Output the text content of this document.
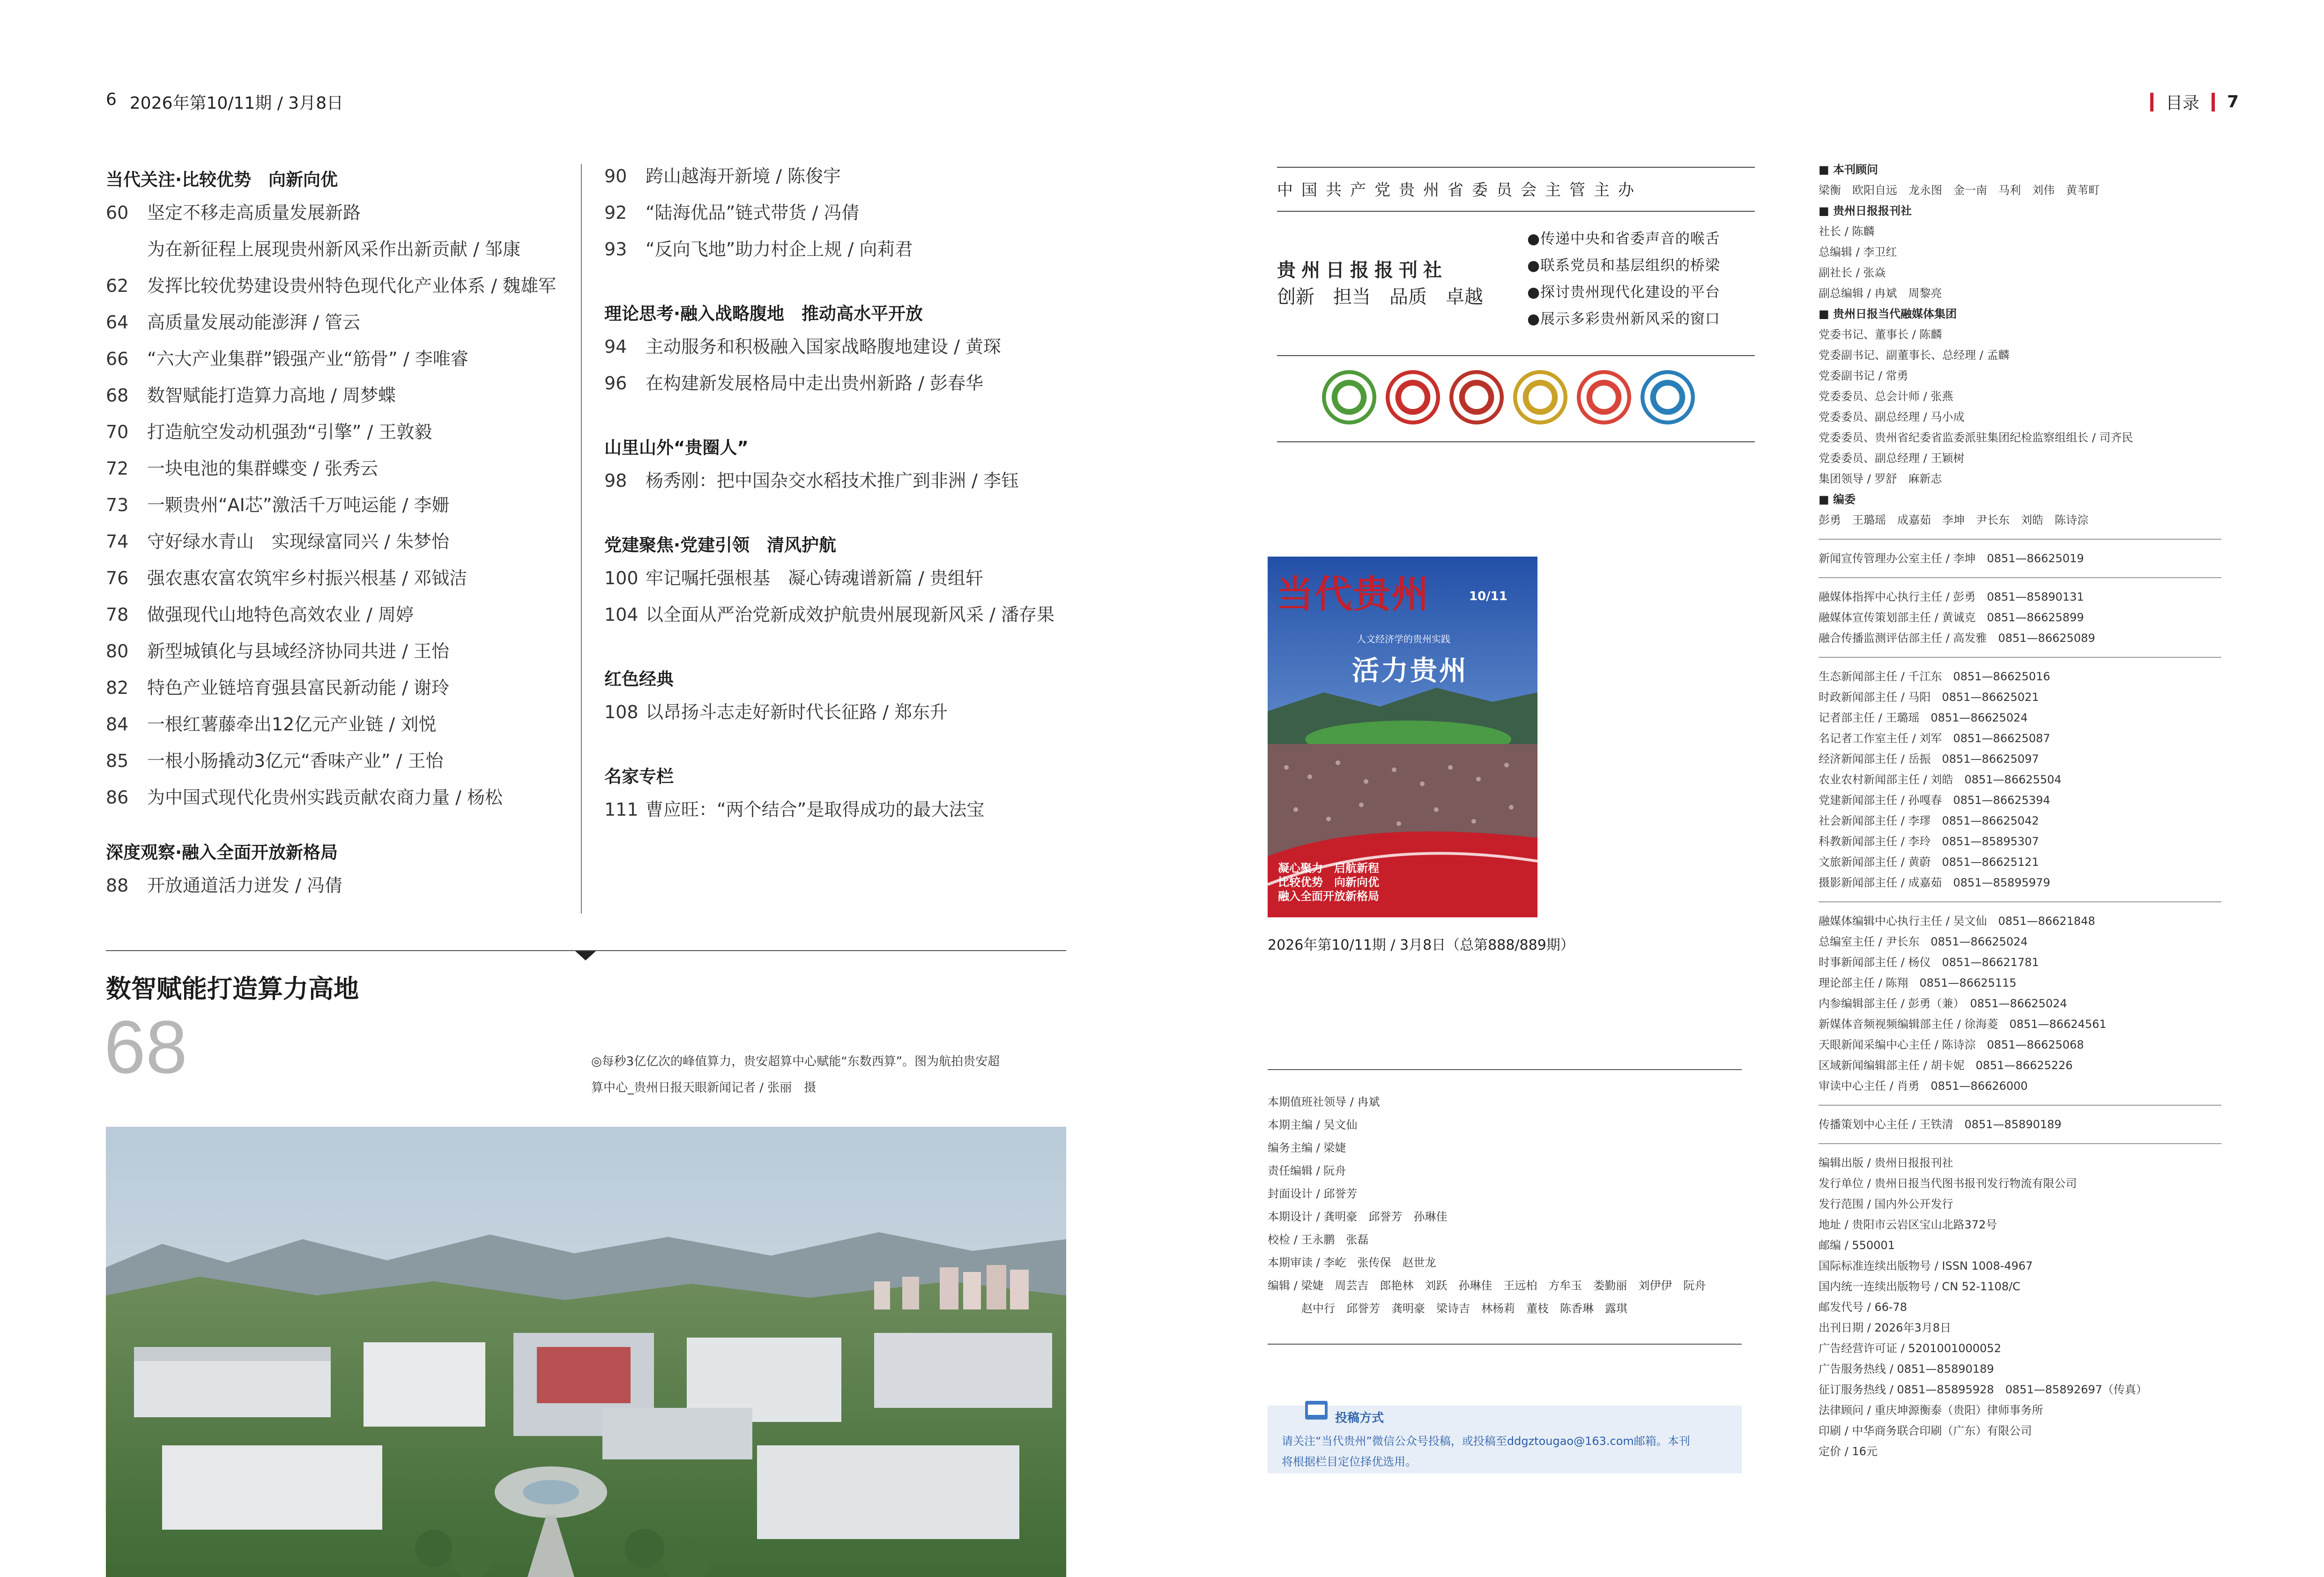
6 2026年第10/11期 / 3月8日	目录 7
当代关注·比较优势　向新向优
60	坚定不移走高质量发展新路
为在新征程上展现贵州新风采作出新贡献 / 邹康
62	发挥比较优势建设贵州特色现代化产业体系 / 魏雄军
64	高质量发展动能澎湃 / 管云
66	“六大产业集群”锻强产业“筋骨” / 李唯睿
68	数智赋能打造算力高地 / 周梦蝶
70	打造航空发动机强劲“引擎” / 王敦毅
72	一块电池的集群蝶变 / 张秀云
73	一颗贵州“AI芯”激活千万吨运能 / 李姗
74	守好绿水青山　实现绿富同兴 / 朱梦怡
76	强农惠农富农筑牢乡村振兴根基 / 邓钺洁
78	做强现代山地特色高效农业 / 周婷
80	新型城镇化与县域经济协同共进 / 王怡
82	特色产业链培育强县富民新动能 / 谢玲
84	一根红薯藤牵出12亿元产业链 / 刘悦
85	一根小肠撬动3亿元“香味产业” / 王怡
86	为中国式现代化贵州实践贡献农商力量 / 杨松
深度观察·融入全面开放新格局
88	开放通道活力迸发 / 冯倩
90	跨山越海开新境 / 陈俊宇
92	“陆海优品”链式带货 / 冯倩
93	“反向飞地”助力村企上规 / 向莉君
理论思考·融入战略腹地　推动高水平开放
94	主动服务和积极融入国家战略腹地建设 / 黄琛
96	在构建新发展格局中走出贵州新路 / 彭春华
山里山外“贵圈人”
98	杨秀刚：把中国杂交水稻技术推广到非洲 / 李钰
党建聚焦·党建引领　清风护航
100 牢记嘱托强根基　凝心铸魂谱新篇 / 贵组轩
104 以全面从严治党新成效护航贵州展现新风采 / 潘存果
红色经典
108 以昂扬斗志走好新时代长征路 / 郑东升
名家专栏
111 曹应旺：“两个结合”是取得成功的最大法宝
数智赋能打造算力高地
68	◎每秒3亿亿次的峰值算力，贵安超算中心赋能“东数西算”。图为航拍贵安超
算中心_贵州日报天眼新闻记者 / 张丽　摄
中国共产党贵州省委员会主管主办
贵州日报报刊社
创新　担当　品质　卓越
●传递中央和省委声音的喉舌
●联系党员和基层组织的桥梁
●探讨贵州现代化建设的平台
●展示多彩贵州新风采的窗口
当代贵州	10/11
人文经济学的贵州实践
活力贵州
凝心聚力　启航新程
比较优势　向新向优
融入全面开放新格局
2026年第10/11期 / 3月8日（总第888/889期）
本期值班社领导 / 冉斌
本期主编 / 吴文仙
编务主编 / 梁婕
责任编辑 / 阮舟
封面设计 / 邱誉芳
本期设计 / 龚明豪　邱誉芳　孙琳佳
校检 / 王永鹏　张磊
本期审读 / 李屹　张传保　赵世龙
编辑 / 梁婕　周芸吉　郎艳林　刘跃　孙琳佳　王远柏　方牟玉　娄勤丽　刘伊伊　阮舟
　　　赵中行　邱誉芳　龚明豪　梁诗吉　林杨莉　董枝　陈香琳　露琪
投稿方式
请关注“当代贵州”微信公众号投稿，或投稿至ddgztougao@163.com邮箱。本刊
将根据栏目定位择优选用。
■ 本刊顾问
梁衡　欧阳自远　龙永图　金一南　马利　刘伟　黄苇町
■ 贵州日报报刊社
社长 / 陈麟
总编辑 / 李卫红
副社长 / 张焱
副总编辑 / 冉斌　周黎亮
■ 贵州日报当代融媒体集团
党委书记、董事长 / 陈麟
党委副书记、副董事长、总经理 / 孟麟
党委副书记 / 常勇
党委委员、总会计师 / 张燕
党委委员、副总经理 / 马小成
党委委员、贵州省纪委省监委派驻集团纪检监察组组长 / 司齐民
党委委员、副总经理 / 王颖树
集团领导 / 罗舒　麻新志
■ 编委
彭勇　王璐瑶　成嘉茹　李坤　尹长东　刘皓　陈诗淙
新闻宣传管理办公室主任 / 李坤　0851—86625019
融媒体指挥中心执行主任 / 彭勇　0851—85890131
融媒体宣传策划部主任 / 黄诚克　0851—86625899
融合传播监测评估部主任 / 高发雅　0851—86625089
生态新闻部主任 / 千江东　0851—86625016
时政新闻部主任 / 马阳　0851—86625021
记者部主任 / 王璐瑶　0851—86625024
名记者工作室主任 / 刘军　0851—86625087
经济新闻部主任 / 岳振　0851—86625097
农业农村新闻部主任 / 刘皓　0851—86625504
党建新闻部主任 / 孙嘎春　0851—86625394
社会新闻部主任 / 李璆　0851—86625042
科教新闻部主任 / 李玲　0851—85895307
文旅新闻部主任 / 黄蔚　0851—86625121
摄影新闻部主任 / 成嘉茹　0851—85895979
融媒体编辑中心执行主任 / 吴文仙　0851—86621848
总编室主任 / 尹长东　0851—86625024
时事新闻部主任 / 杨仪　0851—86621781
理论部主任 / 陈翔　0851—86625115
内参编辑部主任 / 彭勇（兼）　0851—86625024
新媒体音频视频编辑部主任 / 徐海菱　0851—86624561
天眼新闻采编中心主任 / 陈诗淙　0851—86625068
区域新闻编辑部主任 / 胡卡妮　0851—86625226
审读中心主任 / 肖勇　0851—86626000
传播策划中心主任 / 王铁清　0851—85890189
编辑出版 / 贵州日报报刊社
发行单位 / 贵州日报当代图书报刊发行物流有限公司
发行范围 / 国内外公开发行
地址 / 贵阳市云岩区宝山北路372号
邮编 / 550001
国际标准连续出版物号 / ISSN 1008-4967
国内统一连续出版物号 / CN 52-1108/C
邮发代号 / 66-78
出刊日期 / 2026年3月8日
广告经营许可证 / 5201001000052
广告服务热线 / 0851—85890189
征订服务热线 / 0851—85895928　0851—85892697（传真）
法律顾问 / 重庆坤源衡泰（贵阳）律师事务所
印刷 / 中华商务联合印刷（广东）有限公司
定价 / 16元
